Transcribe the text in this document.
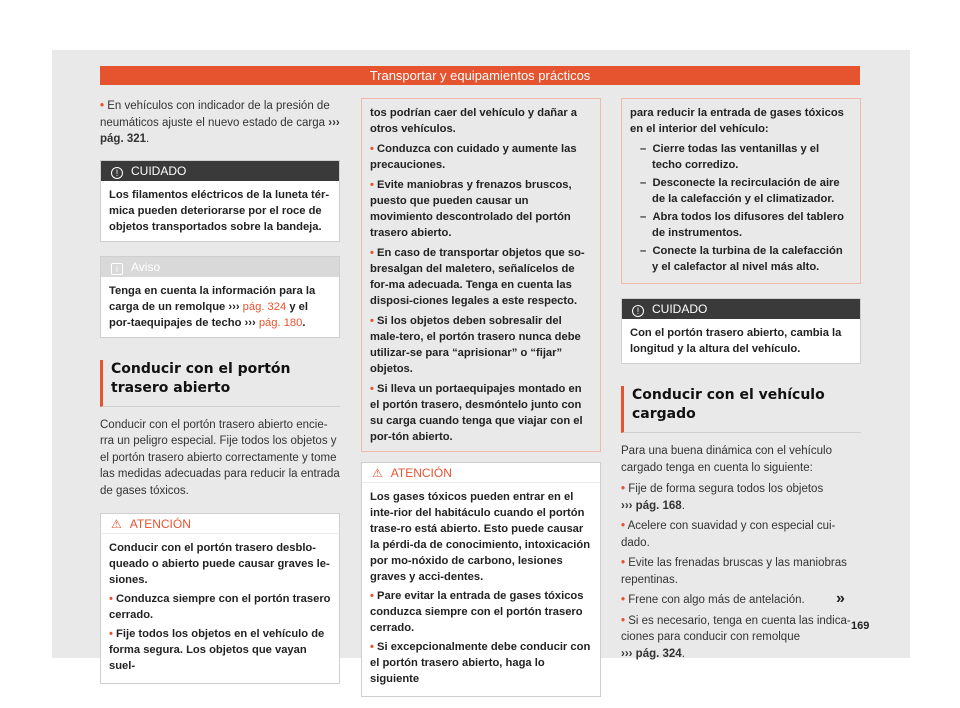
Transportar y equipamientos prácticos

• En vehículos con indicador de la presión de neumáticos ajuste el nuevo estado de carga ››› pág. 321.

! CUIDADO
Los filamentos eléctricos de la luneta tér-mica pueden deteriorarse por el roce de objetos transportados sobre la bandeja.
i Aviso
Tenga en cuenta la información para la carga de un remolque ››› pág. 324 y el por-taequipajes de techo ››› pág. 180.
Conducir con el portón trasero abierto

Conducir con el portón trasero abierto encie-rra un peligro especial. Fije todos los objetos y el portón trasero abierto correctamente y tome las medidas adecuadas para reducir la entrada de gases tóxicos.

⚠ ATENCIÓN

Conducir con el portón trasero desblo-queado o abierto puede causar graves le-siones.

• Conduzca siempre con el portón trasero cerrado.

• Fije todos los objetos en el vehículo de forma segura. Los objetos que vayan suel-

tos podrían caer del vehículo y dañar a otros vehículos.

• Conduzca con cuidado y aumente las precauciones.

• Evite maniobras y frenazos bruscos, puesto que pueden causar un movimiento descontrolado del portón trasero abierto.

• En caso de transportar objetos que so-bresalgan del maletero, señalícelos de for-ma adecuada. Tenga en cuenta las disposi-ciones legales a este respecto.

• Si los objetos deben sobresalir del male-tero, el portón trasero nunca debe utilizar-se para “aprisionar” o “fijar” objetos.

• Si lleva un portaequipajes montado en el portón trasero, desmóntelo junto con su carga cuando tenga que viajar con el por-tón abierto.

⚠ ATENCIÓN

Los gases tóxicos pueden entrar en el inte-rior del habitáculo cuando el portón trase-ro está abierto. Esto puede causar la pérdi-da de conocimiento, intoxicación por mo-nóxido de carbono, lesiones graves y acci-dentes.

• Pare evitar la entrada de gases tóxicos conduzca siempre con el portón trasero cerrado.

• Si excepcionalmente debe conducir con el portón trasero abierto, haga lo siguiente

para reducir la entrada de gases tóxicos en el interior del vehículo:

–  Cierre todas las ventanillas y el techo corredizo.

–  Desconecte la recirculación de aire de la calefacción y el climatizador.

–  Abra todos los difusores del tablero de instrumentos.

–  Conecte la turbina de la calefacción y el calefactor al nivel más alto.

! CUIDADO
Con el portón trasero abierto, cambia la longitud y la altura del vehículo.
Conducir con el vehículo cargado

Para una buena dinámica con el vehículo cargado tenga en cuenta lo siguiente:

• Fije de forma segura todos los objetos
››› pág. 168.

• Acelere con suavidad y con especial cui-dado.

• Evite las frenadas bruscas y las maniobras repentinas.

• Frene con algo más de antelación.

• Si es necesario, tenga en cuenta las indica-ciones para conducir con remolque
››› pág. 324.

»
169
